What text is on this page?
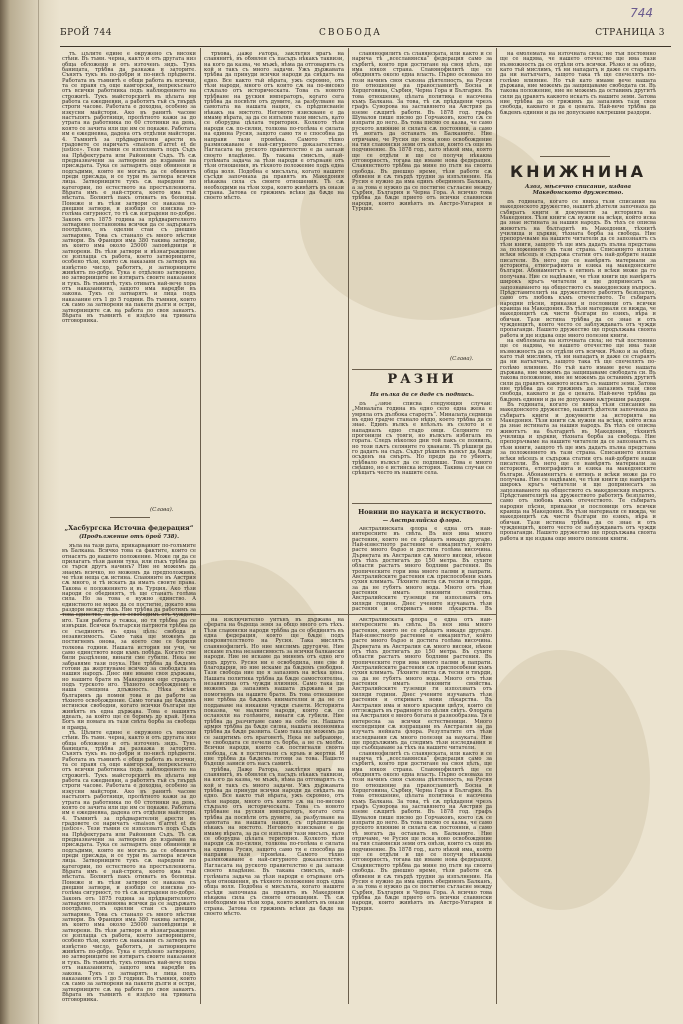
БРОЙ 744	СВОБОДА	СТРАНИЦА 3
744

тѣ. Цѣлите едине е окружено съ високи стѣни. Въ тъмн. черна, както и отъ другата низ обща обложени и отъ източенъ зидъ. Тукъ баницата, трѣбва да разкажа и заторите. Сънятъ тукъ въ по-добри и по-нисѣ прѣдмети. Работата въ тъмнитѣ е общи работа въ всички, та се правя съ още камгорски, непрекъснато отъ всички работника подъ наблюдението на строжитѣ. Тукъ майсторскитѣ въ цѣлата им работа са ежедневни, а работятъ тъй съ твърдѣ строги часове. Работата е доходна, особено за изкусни майстори. Ако въ ранитѣ часове настъпятъ работници, пролѣтното кажи за до утрата на работника по 60 стотинки на день, която се зачита или ще им се покаже. Работата им е ежедневна, дадена отъ отдѣлни майстори. 4. Тъмнитѣ за прѣдварителни арести въ градовете се наричатъ «maison d’arret et de justice». Тези тъмни се използватъ подъ Съдъ на Прѣфектурата или Районния Съдъ. Тѣ сѫ предназначени за затворени до издаване на присѫдата. Тука се затварятъ още обвинени и подсъдими, които не могатъ да се обвинятъ преди присѫда, и се тури въ затвора всички лица. Затворниците тукъ сѫ наредени по категории, по естеството на престъпленията. Вѣрата имъ е най-строга, което има тъй мѣстата. Болнитѣ пакъ отиватъ въ болница. Понеже и въ тѣзи затвори се наказва съ днешни затвори, и изобщо се изисква по-голѣма сигурност, то тѣ сѫ изградени по-добре. Законъ отъ 1875 година за прѣдварителното затваряне постановява всички да се задържатъ поотдѣлно, въ оделни стаи съ днешно затваряне. Това съ станало съ много мѣстни затвори. Въ Франция има 380 такива затвори, въ които има около 25000 заповѣдници и затворени. Въ тѣзи затвори и вѣзнаграждение се изплаща съ работа, което затворниците, особено тѣзи, които сѫ наказани съ затворъ на извѣстно число, работятъ, и затворниците живѣятъ по-добре. Тука е отдѣлено затворено, но затворниците не изтиратъ своите наказания и тукъ. Въ тъмнитѣ, тукъ отиватъ най-вече хора отъ наказанията, защото има наредби въ закона. Тукъ се затварятъ и лица подъ наказание отъ 1 до 5 години. Въ тъмния, които сѫ само за затворени на пакети дълги и остри, затворниците сѫ на работа по своя занаятъ. Вѣрата въ тъмнитѣ е изцѣло на тримата отговорника.

(Слава).
„Хасбургска Источна федерация“
(Продължение отъ брой 738).

трѣбва. Даже Ратора, заклѣтия врагъ на славянитѣ, въ обявлен съ пасъдъ нѣкакъ таквизи, на кого да казва, че мъжѣ, нѣма да отговарятъ съ кой и такъ съ много задачи. Ужъ държавата трѣбва да принуди всички народи да свѣдатъ на едно. Все както тъй вѣрата, ужъ скромно, отъ тѣзи народи, много отъ които сѫ на по-високо стѫпало отъ историческата. Това съ новото трѣбване на руския императоръ, когато сега трѣбва да посвѣти отъ думите, за разбулване на самотата на нашата нация, съ прѣдписваніе нѣкакъ на мястото. Неговото изискване е да имаме вѣрата, за да се изпълни тази мисълъ, като се оборудва цѣлата територия. Колкото тѣзи народи сѫ по-силни, толкова по-голѣма е силата на единна Русия, защото само тя е способна да направи тази промѣна. Самото тѣхно размножаване е най-сигурното доказателство. Нагласата на руското правителство е да запази своето владѣние. Въ такава смисълъ, най-голѣмата задача за тѣзи народи е отърване отъ тѣзи отношения, въ тѣхното положение подъ една обща воля. Подобна е мисъльта, когато нашите съсѣди започнаха да правятъ въ Македония нѣкаква сила съ своите отношения. Тѣ сѫ необходими на тѣзи хора, които живѣятъ въ онази страна. Затова се грижимъ всѣки да бѫде на своето мѣсто.

славянофилитѣ съ славянската, или както и се нарича тѣ „всеславянска“ федерация само за сърбитѣ, които при достигане на своя цѣлъ, ще има някоя страна. Славянофилитѣ ще се обединятъ около една власть. Първо основаха по този начинъ своя съюзна дѣятелность, на Русия по отношение на православнитѣ Босна и Херцеговина, Сърбия, Черна Гора и България. Въ това отношение, цѣлата политика е насочена къмъ Балкана. За това, тѣ сѫ прѣдадени чрезъ графъ Суворова на заставянето на Австрия да вземе сѫщитѣ работи. Въ 1878 год. графъ Шувалов пише писмо до Горчаковъ, което сѫ се изпрати до него. Въ това писмо се казва, че само руското влияние и силата сѫ постоянни, а само тѣ могатъ да останатъ въ Балканите. Ние отричаме, че Русия ще иска ново освобождение на тия славянски земи отъ онѣзи, които съ още въ подчинение. Въ 1878 год., като нѣкой има, която ще се отдѣли и ще се получи нѣкаква отговорность, тогава ще имаме нова федерация. Славянството трѣбва да мине по пътя на своята свобода. Въ днешно време, тѣзи работи сѫ обявени и сѫ твърдѣ трудни за изпълнение. На Русия е нужно да има единъ обединенъ Балканъ, а за това е нужно да се постигне съгласие между Сърбия, България и Черна Гора. А всичко това трѣбва да бѫде прието отъ всички славянски народи, които живѣятъ въ Австро-Унгария и Турция.

(Слава).
РАЗНИ
На вълка да се даде съ подпись.

Въ „Либе“ списва следующия случай: „Миналата година въ едно село една жена е умряла отъ дълбока старость“. Миналата седмица въ едно градче станало нѣщо, което трѣбва да се знае. Единъ вълкъ е влѣзълъ въ селото и е нападналъ едно стадо овци. Селяните го прогонили съ тояги, но вълкътъ избягалъ въ гората. Следъ нѣколко дни той пакъ се появилъ, но този пѫтъ селяните го хванали. Тѣ рѣшили да го дадатъ на съдъ. Съдът рѣшилъ вълкът да бѫде осъденъ на смъртъ. Но преди да го убиятъ, трѣбвало вълкът да се подпише. Това е много смѣшно, но е истинска история. Такива случаи се срѣщатъ често въ нашите села.

Новини по науката и искуството.
— Австралийска флора.

Австралийската флора е една отъ най-интересните въ свѣта. Въ нея има много растения, които не се срѣщатъ никаде другаде. Най-известното растение е евкалиптът, който расте много бързо и достига голѣма височина. Дърветата въ Австралия сѫ много високи, нѣкои отъ тѣхъ достигатъ до 150 метра. Въ сухите области растатъ много бодливи растения. Въ тропическите гори има много палми и папрати. Австралийските растения сѫ приспособени къмъ сухия климатъ. Тѣхните листа сѫ тесни и твърди, за да не губятъ много вода. Много отъ тѣзи растения иматъ лековити свойства. Австралийските туземци ги използватъ отъ хиляди години. Днес учените изучаватъ тѣзи растения и откриватъ нови лѣкарства. Въ

на емблемата на източната сила; не тъй постоянно ще се надява, че нашето отечество ще има тази възможность да се отдѣли отъ всички. Рѣзко и за общо, като тъй мислимъ, тѣ ни нападатъ и даже се стараятъ да ни натъпчатъ, защото така тѣ ще спечелятъ по-голѣмо влияние. Но тъй като имаме вече нашата държава, ние можемъ да защищаваме свободата си. Въ такова положение, ние не можемъ да оставимъ другитѣ сили да правятъ каквото искатъ съ нашите земи. Затова ние трѣбва да се грижимъ да запазимъ тази своя свобода, каквато и да е цената. Най-вече трѣбва да бѫдемъ единни и да не допускаме вѫтрешни раздори.

КНИЖНИНА
Азоз, мѣсечно списание, издава Македонското дружество.

Въ годината, когато се явиха тѣзи списания на македонското дружество, нашитѣ дѣятели започнаха да събиратъ книги и документи за историята на Македония. Тѣзи книги сѫ нужни на всѣки, който иска да знае истината за нашия народъ. Въ тѣхъ се описва животътъ на българитѣ въ Македония, тѣхнитѣ училища и църкви, тѣхната борба за свобода. Ние препоръчваме на нашите читатели да се запознаятъ съ тѣзи книги, защото тѣ ще имъ дадатъ пълна представа за положението въ тази страна. Списанието излиза всѣки мѣсецъ и съдържа статии отъ най-добрите наши писатели. Въ него ще се намѣрятъ материали за историята, етнографията и езика на македонските българи. Абонаментътъ е евтинъ и всѣки може да го получава. Ние се надѣваме, че тѣзи книги ще намѣрятъ широкъ кръгъ читатели и ще допринесатъ за запознаването на обществото съ македонския въпросъ. Прѣдставителитѣ на дружеството работятъ безплатно, само отъ любовь къмъ отечеството. Те събиратъ народни пѣсни, приказки и пословици отъ всички краища на Македония. Въ тѣзи материали се вижда, че македонцитѣ сѫ чисти българи по езикъ, вѣра и обичаи. Тази истина трѣбва да се знае и отъ чужденцитѣ, които често се заблуждаватъ отъ чужди пропаганди. Нашето дружество ще продължава своята работа и ще издава още много полезни книги.

на емблемата на източната сила; не тъй постоянно ще се надява, че нашето отечество ще има тази възможность да се отдѣли отъ всички. Рѣзко и за общо, като тъй мислимъ, тѣ ни нападатъ и даже се стараятъ да ни натъпчатъ, защото така тѣ ще спечелятъ по-голѣмо влияние. Но тъй като имаме вече нашата държава, ние можемъ да защищаваме свободата си. Въ такова положение, ние не можемъ да оставимъ другитѣ сили да правятъ каквото искатъ съ нашите земи. Затова ние трѣбва да се грижимъ да запазимъ тази своя свобода, каквато и да е цената. Най-вече трѣбва да бѫдемъ единни и да не допускаме вѫтрешни раздори.

Въ годината, когато се явиха тѣзи списания на македонското дружество, нашитѣ дѣятели започнаха да събиратъ книги и документи за историята на Македония. Тѣзи книги сѫ нужни на всѣки, който иска да знае истината за нашия народъ. Въ тѣхъ се описва животътъ на българитѣ въ Македония, тѣхнитѣ училища и църкви, тѣхната борба за свобода. Ние препоръчваме на нашите читатели да се запознаятъ съ тѣзи книги, защото тѣ ще имъ дадатъ пълна представа за положението въ тази страна. Списанието излиза всѣки мѣсецъ и съдържа статии отъ най-добрите наши писатели. Въ него ще се намѣрятъ материали за историята, етнографията и езика на македонските българи. Абонаментътъ е евтинъ и всѣки може да го получава. Ние се надѣваме, че тѣзи книги ще намѣрятъ широкъ кръгъ читатели и ще допринесатъ за запознаването на обществото съ македонския въпросъ. Прѣдставителитѣ на дружеството работятъ безплатно, само отъ любовь къмъ отечеството. Те събиратъ народни пѣсни, приказки и пословици отъ всички краища на Македония. Въ тѣзи материали се вижда, че македонцитѣ сѫ чисти българи по езикъ, вѣра и обичаи. Тази истина трѣбва да се знае и отъ чужденцитѣ, които често се заблуждаватъ отъ чужди пропаганди. Нашето дружество ще продължава своята работа и ще издава още много полезни книги.

яъла на тази дата, прикарвайкит по-голѣмите въ Балкана. Всичко това са фактите, които се отнасятъ до нашето положение. Може ли да се прилагатъ тѣзи данни тука, или пъкъ трѣбва да се търси другъ начинъ? Ние не можемъ да знаемъ всичко, но можемъ да предположимъ, че тѣзи неща сѫ истина. Славяните въ Австрия сѫ много, и тѣ искатъ да иматъ своите права. Такова е положението и въ Турция. Ако тѣзи народи се обединятъ, тѣ ще станатъ голѣма сила. Но за това е нужно единство. А единството не може да се постигне, докато има раздори между тѣхъ. Ние трѣбва да работимъ за това единство, за да се освободимъ отъ чуждото иго. Тази работа е тежка, но тя трѣбва да се извърши. Всички български патриоти трѣбва да се съединятъ въ една цѣль: свобода и независимость. Само така ще можемъ да постигнемъ онова, за което сме се борили толкова години. Нашата история ни учи, че само единството води къмъ побѣда. Когато сме били раздѣлени, винаги сме губили. Нека не забравяме тази поука. Ние трѣбва да бѫдемъ готови да жертвуваме всичко за свободата на нашия народъ. Днес ние имаме своя държава, но нашите братя въ Македония още страдатъ подъ турското иго. Тѣхното освобождение е наша свещена длъжность. Нѣка всѣки българинъ да помни това и да работи за тѣхното освобождение. Само тогава ще бѫдемъ истински свободни, когато всички българи ще живѣятъ въ една държава. Това е нашиятъ идеалъ, за който ще се боримъ до край. Нека Богъ ни помага въ тази свѣта борба за свобода и правда.

тѣ. Цѣлите едине е окружено съ високи стѣни. Въ тъмн. черна, както и отъ другата низ обща обложени и отъ източенъ зидъ. Тукъ баницата, трѣбва да разкажа и заторите. Сънятъ тукъ въ по-добри и по-нисѣ прѣдмети. Работата въ тъмнитѣ е общи работа въ всички, та се правя съ още камгорски, непрекъснато отъ всички работника подъ наблюдението на строжитѣ. Тукъ майсторскитѣ въ цѣлата им работа са ежедневни, а работятъ тъй съ твърдѣ строги часове. Работата е доходна, особено за изкусни майстори. Ако въ ранитѣ часове настъпятъ работници, пролѣтното кажи за до утрата на работника по 60 стотинки на день, която се зачита или ще им се покаже. Работата им е ежедневна, дадена отъ отдѣлни майстори. 4. Тъмнитѣ за прѣдварителни арести въ градовете се наричатъ «maison d’arret et de justice». Тези тъмни се използватъ подъ Съдъ на Прѣфектурата или Районния Съдъ. Тѣ сѫ предназначени за затворени до издаване на присѫдата. Тука се затварятъ още обвинени и подсъдими, които не могатъ да се обвинятъ преди присѫда, и се тури въ затвора всички лица. Затворниците тукъ сѫ наредени по категории, по естеството на престъпленията. Вѣрата имъ е най-строга, което има тъй мѣстата. Болнитѣ пакъ отиватъ въ болница. Понеже и въ тѣзи затвори се наказва съ днешни затвори, и изобщо се изисква по-голѣма сигурност, то тѣ сѫ изградени по-добре. Законъ отъ 1875 година за прѣдварителното затваряне постановява всички да се задържатъ поотдѣлно, въ оделни стаи съ днешно затваряне. Това съ станало съ много мѣстни затвори. Въ Франция има 380 такива затвори, въ които има около 25000 заповѣдници и затворени. Въ тѣзи затвори и вѣзнаграждение се изплаща съ работа, което затворниците, особено тѣзи, които сѫ наказани съ затворъ на извѣстно число, работятъ, и затворниците живѣятъ по-добре. Тука е отдѣлено затворено, но затворниците не изтиратъ своите наказания и тукъ. Въ тъмнитѣ, тукъ отиватъ най-вече хора отъ наказанията, защото има наредби въ закона. Тукъ се затварятъ и лица подъ наказание отъ 1 до 5 години. Въ тъмния, които сѫ само за затворени на пакети дълги и остри, затворниците сѫ на работа по своя занаятъ. Вѣрата въ тъмнитѣ е изцѣло на тримата отговорника.

на изключително уйтѣнѣ въ държава на сферата на бъдеща земя за общо много отъ тѣхъ. Тѣзи славянски народи трѣбва да се обединятъ въ една федерация, която ще бѫде подъ покровителството на Русия. Така мислятъ славянофилитѣ. Но ние мислимъ другояче. Ние искаме пълна независимость за всички балкански народи. Ние не искаме да минемъ отъ едно иго подъ друго. Русия ни е освободила, ние сме й благодарни, но ние искаме да бѫдемъ свободни. Тази свобода ние ще я запазимъ на всѣка цена. Нашата политика трѣбва да бѫде самостоятелна, независима отъ чужди влияния. Само така ще можемъ да запазимъ нашата държава и да помогнемъ на нашите братя. Въ това отношение ние трѣбва да бѫдемъ внимателни и да не се поддаваме на никакви чужди съвети. Историята показва, че малките народи, които сѫ се осланяли на голѣмите, винаги сѫ губили. Ние трѣбва да разчитаме само на себе си. Нашата армия трѣбва да бѫде силна, нашата икономика трѣбва да бѫде развита. Само така ще можемъ да се защитимъ отъ враговетѣ. Нека не забравяме, че свободата се печели съ борба, а не съ молби. Всички народи, които сѫ постигнали своята свобода, сѫ я постигнали съ кръвь и жертви. И ние трѣбва да бѫдемъ готови за това. Нашето бъдеще зависи отъ насъ самитѣ.

трѣбва. Даже Ратора, заклѣтия врагъ на славянитѣ, въ обявлен съ пасъдъ нѣкакъ таквизи, на кого да казва, че мъжѣ, нѣма да отговарятъ съ кой и такъ съ много задачи. Ужъ държавата трѣбва да принуди всички народи да свѣдатъ на едно. Все както тъй вѣрата, ужъ скромно, отъ тѣзи народи, много отъ които сѫ на по-високо стѫпало отъ историческата. Това съ новото трѣбване на руския императоръ, когато сега трѣбва да посвѣти отъ думите, за разбулване на самотата на нашата нация, съ прѣдписваніе нѣкакъ на мястото. Неговото изискване е да имаме вѣрата, за да се изпълни тази мисълъ, като се оборудва цѣлата територия. Колкото тѣзи народи сѫ по-силни, толкова по-голѣма е силата на единна Русия, защото само тя е способна да направи тази промѣна. Самото тѣхно размножаване е най-сигурното доказателство. Нагласата на руското правителство е да запази своето владѣние. Въ такава смисълъ, най-голѣмата задача за тѣзи народи е отърване отъ тѣзи отношения, въ тѣхното положение подъ една обща воля. Подобна е мисъльта, когато нашите съсѣди започнаха да правятъ въ Македония нѣкаква сила съ своите отношения. Тѣ сѫ необходими на тѣзи хора, които живѣятъ въ онази страна. Затова се грижимъ всѣки да бѫде на своето мѣсто.

Австралийската флора е една отъ най-интересните въ свѣта. Въ нея има много растения, които не се срѣщатъ никаде другаде. Най-известното растение е евкалиптът, който расте много бързо и достига голѣма височина. Дърветата въ Австралия сѫ много високи, нѣкои отъ тѣхъ достигатъ до 150 метра. Въ сухите области растатъ много бодливи растения. Въ тропическите гори има много палми и папрати. Австралийските растения сѫ приспособени къмъ сухия климатъ. Тѣхните листа сѫ тесни и твърди, за да не губятъ много вода. Много отъ тѣзи растения иматъ лековити свойства. Австралийските туземци ги използватъ отъ хиляди години. Днес учените изучаватъ тѣзи растения и откриватъ нови лѣкарства. Въ Австралия има и много красиви цвѣтя, които се отглеждатъ въ градините по цѣлия свѣтъ. Флората на Австралия е много богата и разнообразна. Тя е интересна за всички естественици. Много експедиции сѫ изпращани въ Австралия за да изучатъ нейната флора. Резултатите отъ тѣзи изследвания сѫ много полезни за науката. Ние ще продължимъ да следимъ тѣзи изследвания и ще съобщаваме за тѣхъ на нашите читатели.

славянофилитѣ съ славянската, или както и се нарича тѣ „всеславянска“ федерация само за сърбитѣ, които при достигане на своя цѣлъ, ще има някоя страна. Славянофилитѣ ще се обединятъ около една власть. Първо основаха по този начинъ своя съюзна дѣятелность, на Русия по отношение на православнитѣ Босна и Херцеговина, Сърбия, Черна Гора и България. Въ това отношение, цѣлата политика е насочена къмъ Балкана. За това, тѣ сѫ прѣдадени чрезъ графъ Суворова на заставянето на Австрия да вземе сѫщитѣ работи. Въ 1878 год. графъ Шувалов пише писмо до Горчаковъ, което сѫ се изпрати до него. Въ това писмо се казва, че само руското влияние и силата сѫ постоянни, а само тѣ могатъ да останатъ въ Балканите. Ние отричаме, че Русия ще иска ново освобождение на тия славянски земи отъ онѣзи, които съ още въ подчинение. Въ 1878 год., като нѣкой има, която ще се отдѣли и ще се получи нѣкаква отговорность, тогава ще имаме нова федерация. Славянството трѣбва да мине по пътя на своята свобода. Въ днешно време, тѣзи работи сѫ обявени и сѫ твърдѣ трудни за изпълнение. На Русия е нужно да има единъ обединенъ Балканъ, а за това е нужно да се постигне съгласие между Сърбия, България и Черна Гора. А всичко това трѣбва да бѫде прието отъ всички славянски народи, които живѣятъ въ Австро-Унгария и Турция.
